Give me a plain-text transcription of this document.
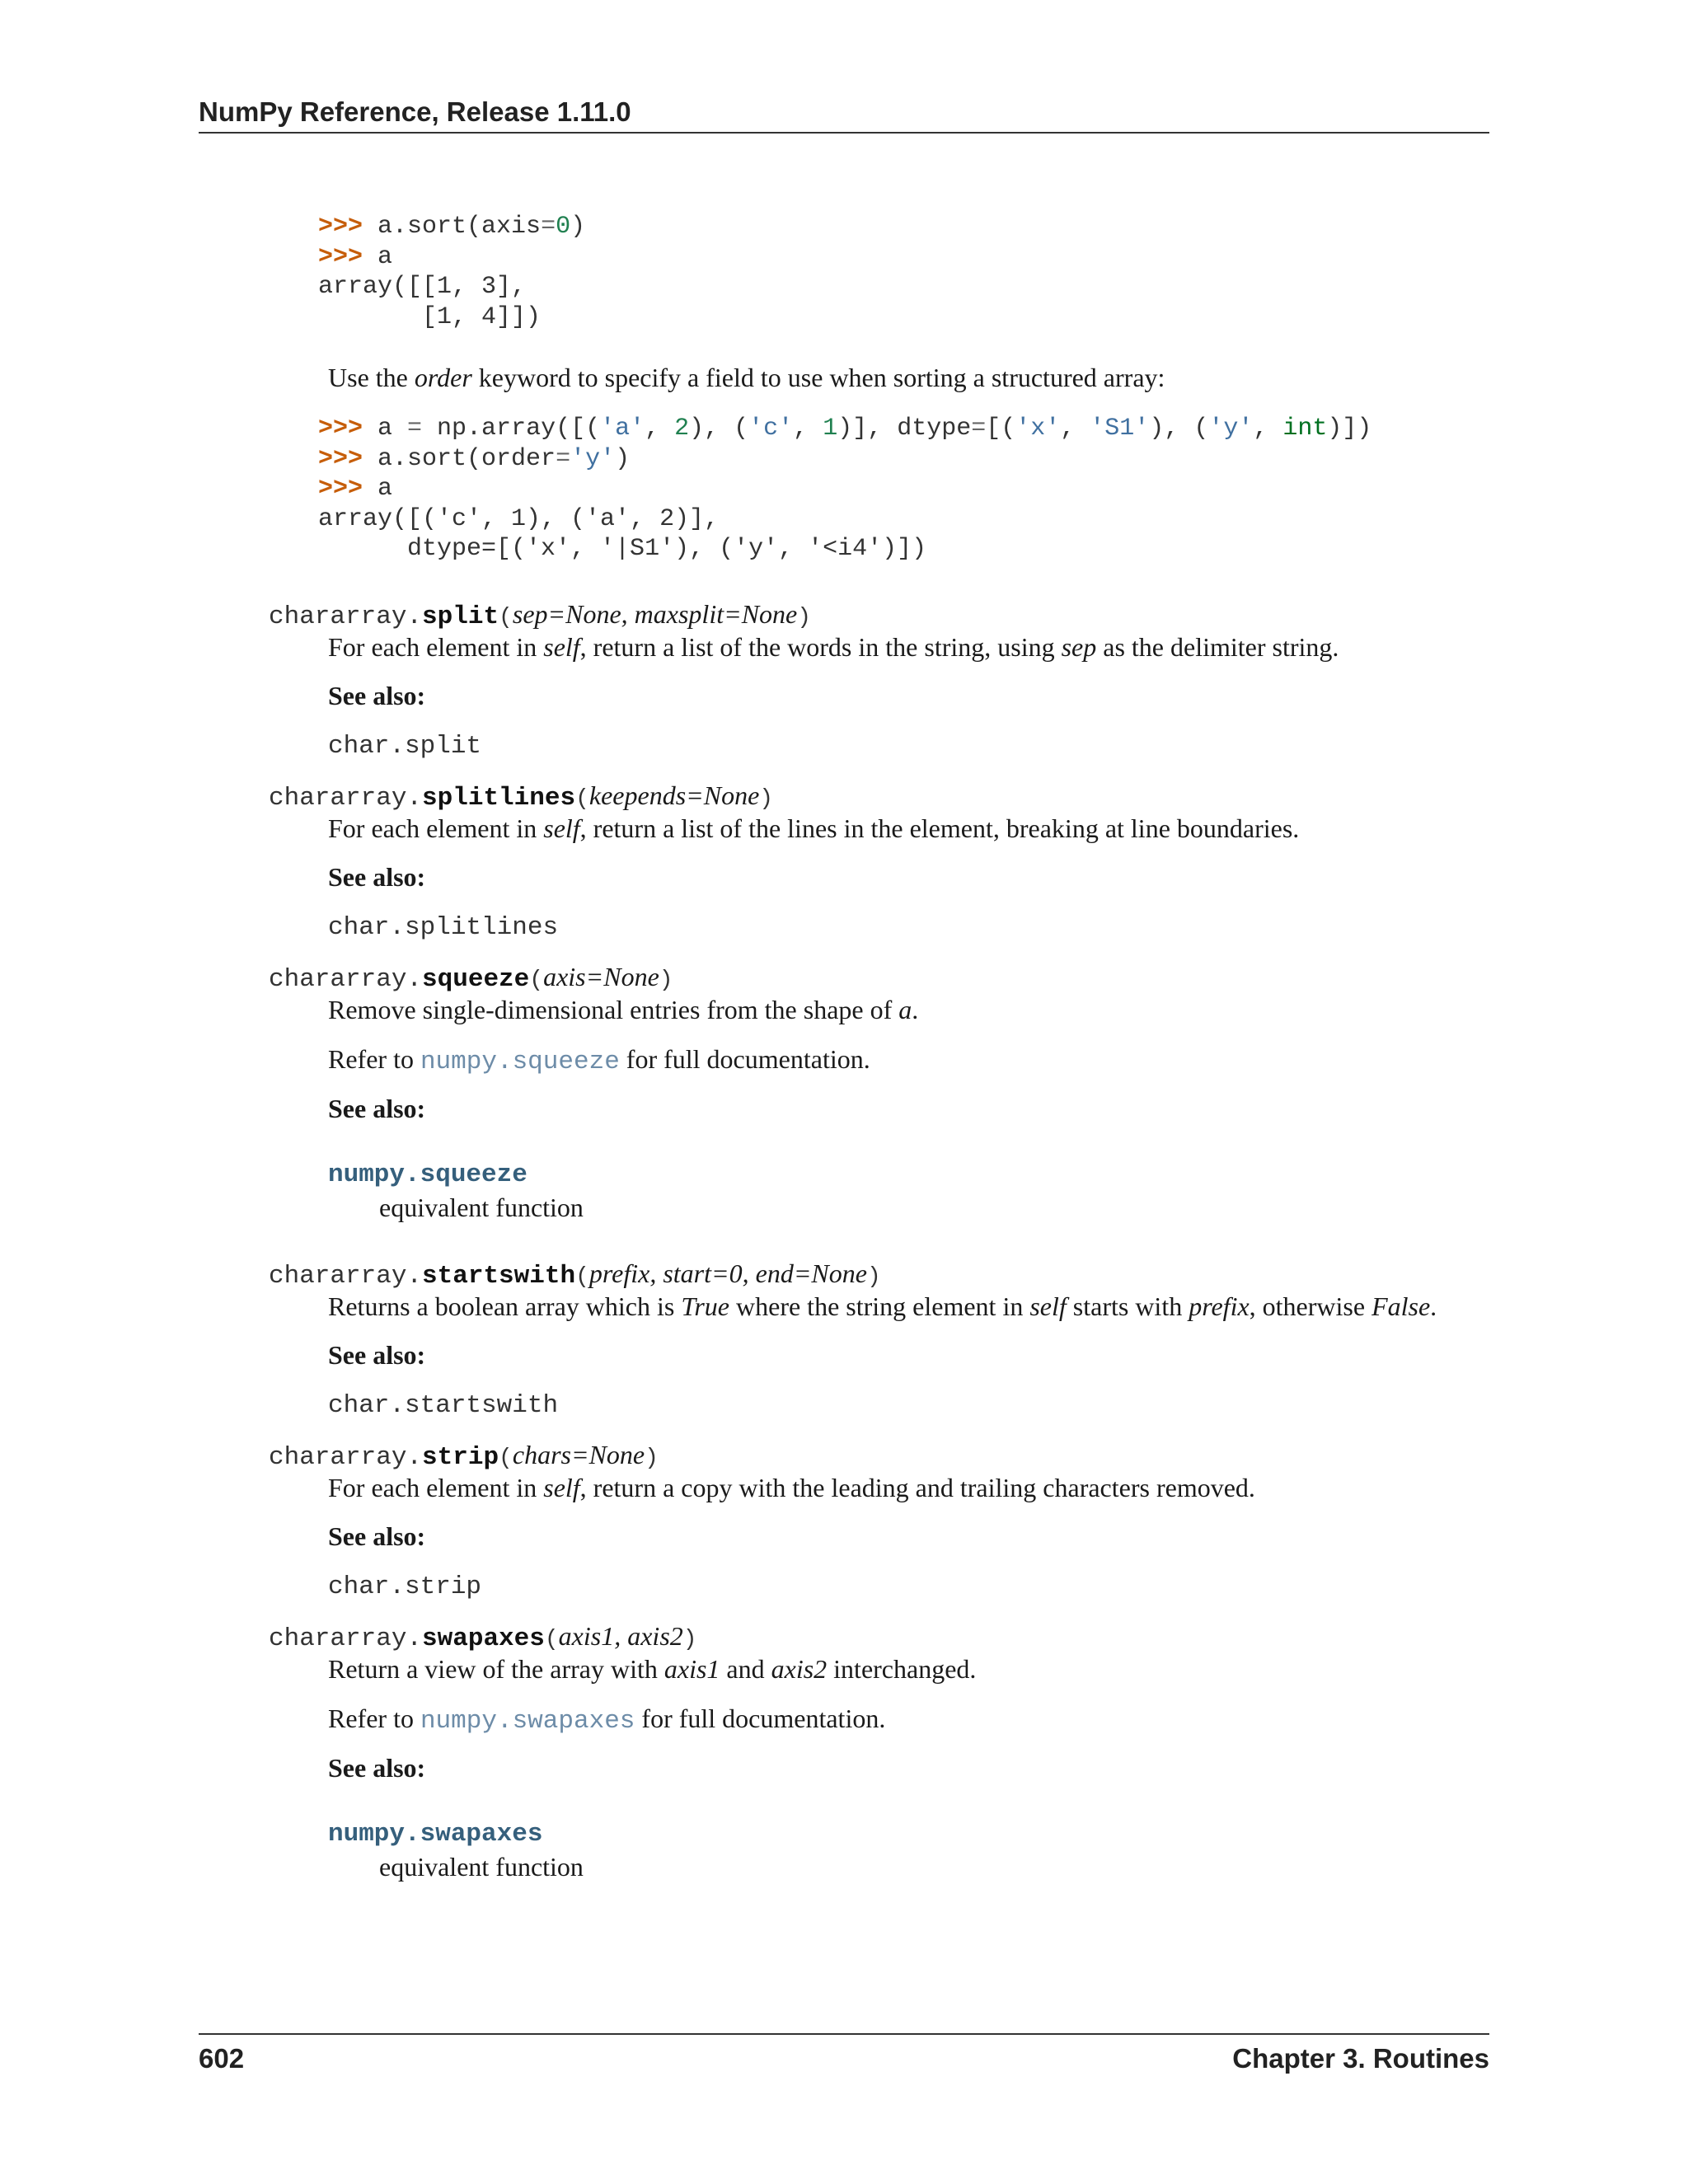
NumPy Reference, Release 1.11.0
>>> a.sort(axis=0)
>>> a
array([[1, 3],
[1, 4]])
Use the order keyword to specify a field to use when sorting a structured array:
>>> a = np.array([('a', 2), ('c', 1)], dtype=[('x', 'S1'), ('y', int)])
>>> a.sort(order='y')
>>> a
array([('c', 1), ('a', 2)],
dtype=[('x', '|S1'), ('y', '<i4')])
chararray.split(sep=None, maxsplit=None)
For each element in self, return a list of the words in the string, using sep as the delimiter string.
See also:
char.split
chararray.splitlines(keepends=None)
For each element in self, return a list of the lines in the element, breaking at line boundaries.
See also:
char.splitlines
chararray.squeeze(axis=None)
Remove single-dimensional entries from the shape of a.
Refer to numpy.squeeze for full documentation.
See also:
numpy.squeeze
equivalent function
chararray.startswith(prefix, start=0, end=None)
Returns a boolean array which is True where the string element in self starts with prefix, otherwise False.
See also:
char.startswith
chararray.strip(chars=None)
For each element in self, return a copy with the leading and trailing characters removed.
See also:
char.strip
chararray.swapaxes(axis1, axis2)
Return a view of the array with axis1 and axis2 interchanged.
Refer to numpy.swapaxes for full documentation.
See also:
numpy.swapaxes
equivalent function
602	Chapter 3. Routines
